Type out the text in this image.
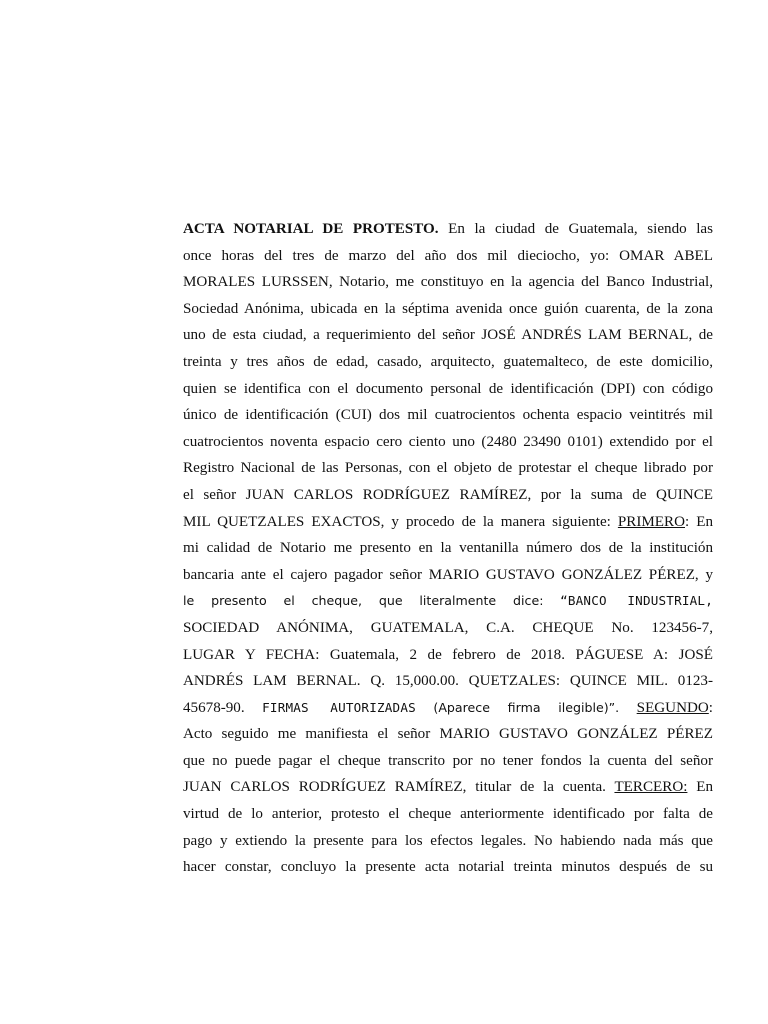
ACTA NOTARIAL DE PROTESTO. En la ciudad de Guatemala, siendo las
once horas del tres de marzo del año dos mil dieciocho, yo: OMAR ABEL
MORALES LURSSEN, Notario, me constituyo en la agencia del Banco Industrial,
Sociedad Anónima, ubicada en la séptima avenida once guión cuarenta, de la zona
uno de esta ciudad, a requerimiento del señor JOSÉ ANDRÉS LAM BERNAL, de
treinta y tres años de edad, casado, arquitecto, guatemalteco, de este domicilio,
quien se identifica con el documento personal de identificación (DPI) con código
único de identificación (CUI) dos mil cuatrocientos ochenta espacio veintitrés mil
cuatrocientos noventa espacio cero ciento uno (2480 23490 0101) extendido por el
Registro Nacional de las Personas, con el objeto de protestar el cheque librado por
el señor JUAN CARLOS RODRÍGUEZ RAMÍREZ, por la suma de QUINCE
MIL QUETZALES EXACTOS, y procedo de la manera siguiente: PRIMERO: En
mi calidad de Notario me presento en la ventanilla número dos de la institución
bancaria ante el cajero pagador señor MARIO GUSTAVO GONZÁLEZ PÉREZ, y
le presento el cheque, que literalmente dice: “BANCO INDUSTRIAL,
SOCIEDAD ANÓNIMA, GUATEMALA, C.A. CHEQUE No. 123456-7,
LUGAR Y FECHA: Guatemala, 2 de febrero de 2018. PÁGUESE A: JOSÉ
ANDRÉS LAM BERNAL. Q. 15,000.00. QUETZALES: QUINCE MIL. 0123-
45678-90. FIRMAS AUTORIZADAS (Aparece firma ilegible)”. SEGUNDO:
Acto seguido me manifiesta el señor MARIO GUSTAVO GONZÁLEZ PÉREZ
que no puede pagar el cheque transcrito por no tener fondos la cuenta del señor
JUAN CARLOS RODRÍGUEZ RAMÍREZ, titular de la cuenta. TERCERO: En
virtud de lo anterior, protesto el cheque anteriormente identificado por falta de
pago y extiendo la presente para los efectos legales. No habiendo nada más que
hacer constar, concluyo la presente acta notarial treinta minutos después de su
